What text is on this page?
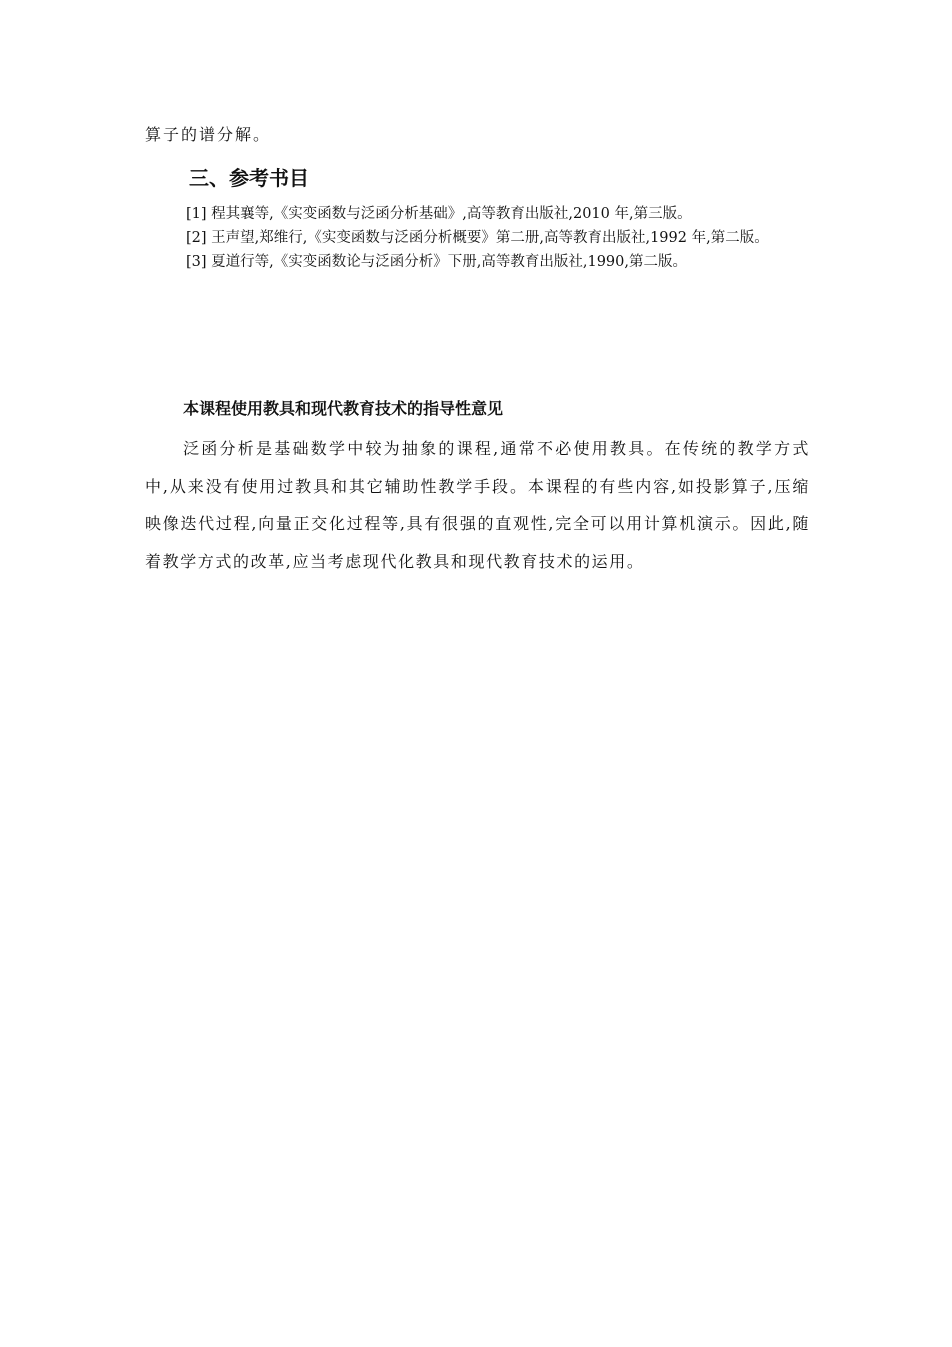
算子的谱分解。
三、参考书目

[1] 程其襄等,《实变函数与泛函分析基础》,高等教育出版社,2010 年,第三版。

[2] 王声望,郑维行,《实变函数与泛函分析概要》第二册,高等教育出版社,1992 年,第二版。

[3] 夏道行等,《实变函数论与泛函分析》下册,高等教育出版社,1990,第二版。

本课程使用教具和现代教育技术的指导性意见
泛函分析是基础数学中较为抽象的课程,通常不必使用教具。在传统的教学方式中,从来没有使用过教具和其它辅助性教学手段。本课程的有些内容,如投影算子,压缩映像迭代过程,向量正交化过程等,具有很强的直观性,完全可以用计算机演示。因此,随着教学方式的改革,应当考虑现代化教具和现代教育技术的运用。
